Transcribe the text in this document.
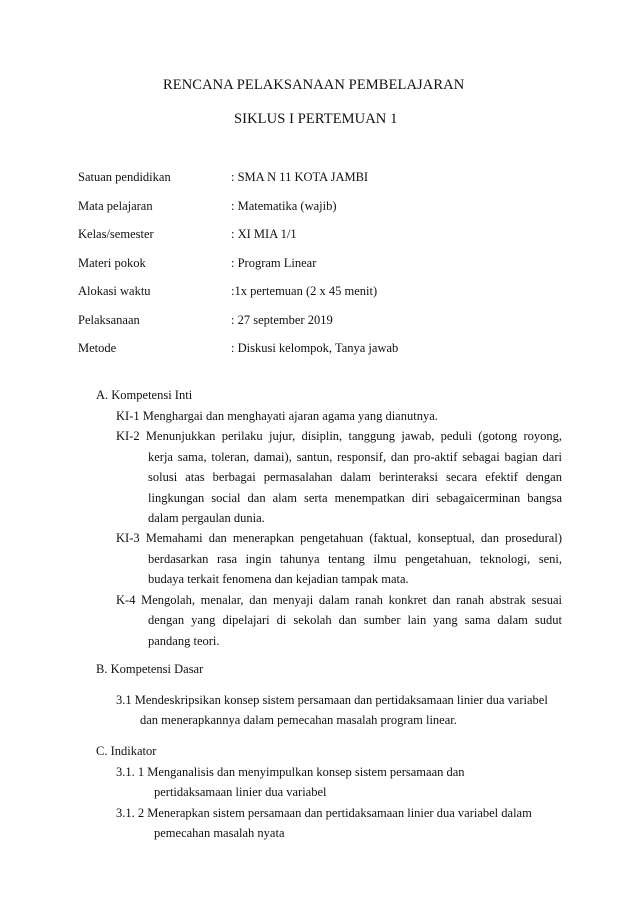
RENCANA PELAKSANAAN PEMBELAJARAN
SIKLUS I PERTEMUAN 1
Satuan pendidikan	: SMA N 11 KOTA JAMBI
Mata pelajaran	: Matematika (wajib)
Kelas/semester	: XI MIA 1/1
Materi pokok	: Program Linear
Alokasi waktu	:1x pertemuan (2 x 45 menit)
Pelaksanaan	: 27 september 2019
Metode	: Diskusi kelompok, Tanya jawab
A. Kompetensi Inti
KI-1 Menghargai dan menghayati ajaran agama yang dianutnya.
KI-2 Menunjukkan perilaku jujur, disiplin, tanggung jawab, peduli (gotong royong,
kerja sama, toleran, damai), santun, responsif, dan pro-aktif sebagai bagian dari
solusi atas berbagai permasalahan dalam berinteraksi secara efektif dengan
lingkungan social dan alam serta menempatkan diri sebagaicerminan bangsa
dalam pergaulan dunia.
KI-3 Memahami dan menerapkan pengetahuan (faktual, konseptual, dan prosedural)
berdasarkan rasa ingin tahunya tentang ilmu pengetahuan, teknologi, seni,
budaya terkait fenomena dan kejadian tampak mata.
K-4 Mengolah, menalar, dan menyaji dalam ranah konkret dan ranah abstrak sesuai
dengan yang dipelajari di sekolah dan sumber lain yang sama dalam sudut
pandang teori.
B. Kompetensi Dasar
3.1 Mendeskripsikan konsep sistem persamaan dan pertidaksamaan linier dua variabel
dan menerapkannya dalam pemecahan masalah program linear.
C. Indikator
3.1. 1 Menganalisis dan menyimpulkan konsep sistem persamaan dan
pertidaksamaan linier dua variabel
3.1. 2 Menerapkan sistem persamaan dan pertidaksamaan linier dua variabel dalam
pemecahan masalah nyata
